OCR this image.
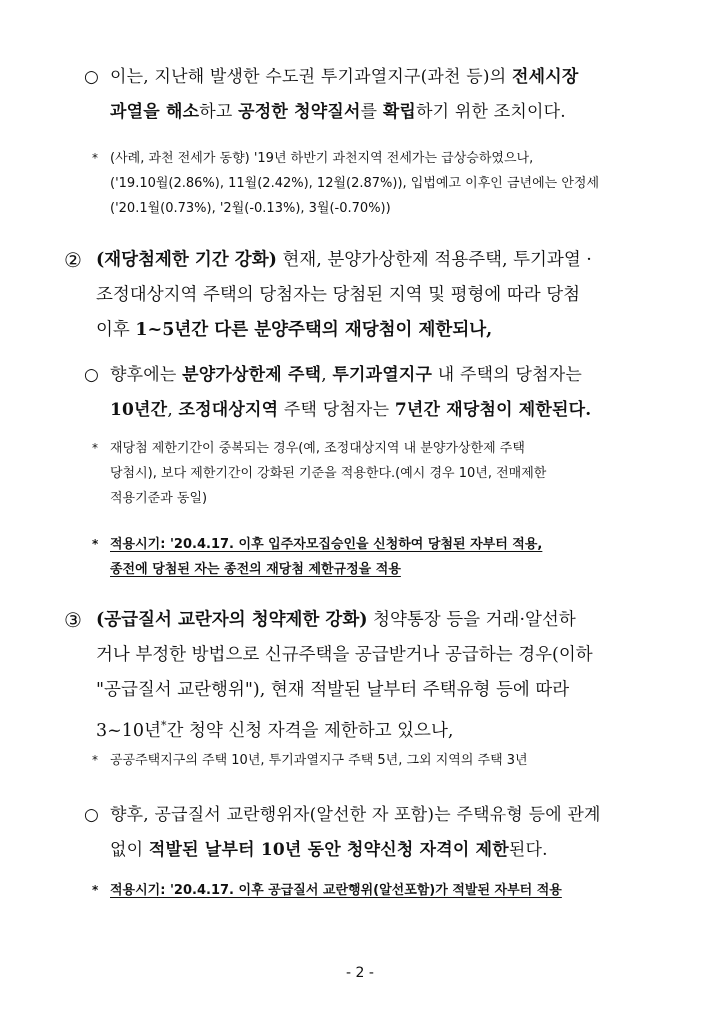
○ 이는, 지난해 발생한 수도권 투기과열지구(과천 등)의 전세시장
과열을 해소하고 공정한 청약질서를 확립하기 위한 조치이다.
* (사례, 과천 전세가 동향) '19년 하반기 과천지역 전세가는 급상승하였으나,
('19.10월(2.86%), 11월(2.42%), 12월(2.87%)), 입법예고 이후인 금년에는 안정세
('20.1월(0.73%), '2월(-0.13%), 3월(-0.70%))
② (재당첨제한 기간 강화) 현재, 분양가상한제 적용주택, 투기과열 ·
조정대상지역 주택의 당첨자는 당첨된 지역 및 평형에 따라 당첨
이후 1~5년간 다른 분양주택의 재당첨이 제한되나,
○ 향후에는 분양가상한제 주택, 투기과열지구 내 주택의 당첨자는
10년간, 조정대상지역 주택 당첨자는 7년간 재당첨이 제한된다.
* 재당첨 제한기간이 중복되는 경우(예, 조정대상지역 내 분양가상한제 주택
당첨시), 보다 제한기간이 강화된 기준을 적용한다.(예시 경우 10년, 전매제한
적용기준과 동일)
* 적용시기: '20.4.17. 이후 입주자모집승인을 신청하여 당첨된 자부터 적용,
종전에 당첨된 자는 종전의 재당첨 제한규정을 적용
③ (공급질서 교란자의 청약제한 강화) 청약통장 등을 거래·알선하
거나 부정한 방법으로 신규주택을 공급받거나 공급하는 경우(이하
"공급질서 교란행위"), 현재 적발된 날부터 주택유형 등에 따라
3~10년*간 청약 신청 자격을 제한하고 있으나,
* 공공주택지구의 주택 10년, 투기과열지구 주택 5년, 그외 지역의 주택 3년
○ 향후, 공급질서 교란행위자(알선한 자 포함)는 주택유형 등에 관계
없이 적발된 날부터 10년 동안 청약신청 자격이 제한된다.
* 적용시기: '20.4.17. 이후 공급질서 교란행위(알선포함)가 적발된 자부터 적용
- 2 -
